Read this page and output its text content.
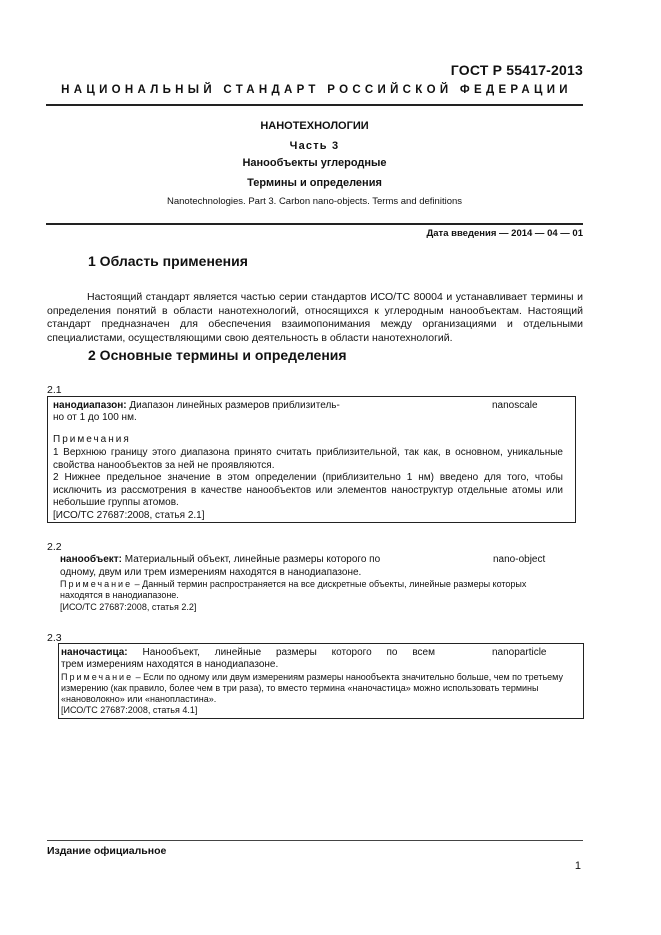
ГОСТ Р 55417-2013
НАЦИОНАЛЬНЫЙ СТАНДАРТ РОССИЙСКОЙ ФЕДЕРАЦИИ
НАНОТЕХНОЛОГИИ
Часть 3
Нанообъекты углеродные
Термины и определения
Nanotechnologies. Part 3. Carbon nano-objects. Terms and definitions
Дата введения — 2014 — 04 — 01
1 Область применения
Настоящий стандарт является частью серии стандартов ИСО/ТС 80004 и устанавливает термины и определения понятий в области нанотехнологий, относящихся к углеродным нанообъектам. Настоящий стандарт предназначен для обеспечения взаимопонимания между организациями и отдельными специалистами, осуществляющими свою деятельность в области нанотехнологий.
2 Основные термины и определения
2.1
нанодиапазон: Диапазон линейных размеров приблизитель-	nanoscale
но от 1 до 100 нм.
Примечания
1 Верхнюю границу этого диапазона принято считать приблизительной, так как, в основном, уникальные свойства нанообъектов за ней не проявляются.
2 Нижнее предельное значение в этом определении (приблизительно 1 нм) введено для того, чтобы исключить из рассмотрения в качестве нанообъектов или элементов наноструктур отдельные атомы или небольшие группы атомов.
[ИСО/ТС 27687:2008, статья 2.1]
2.2
нанообъект: Материальный объект, линейные размеры которого по	nano-object
одному, двум или трем измерениям находятся в нанодиапазоне.
Примечание – Данный термин распространяется на все дискретные объекты, линейные размеры которых находятся в нанодиапазоне.
[ИСО/ТС 27687:2008, статья 2.2]
2.3
наночастица: Нанообъект, линейные размеры которого по всем	nanoparticle
трем измерениям находятся в нанодиапазоне.
Примечание – Если по одному или двум измерениям размеры нанообъекта значительно больше, чем по третьему измерению (как правило, более чем в три раза), то вместо термина «наночастица» можно использовать термины «нановолокно» или «нанопластина».
[ИСО/ТС 27687:2008, статья 4.1]
Издание официальное
1
